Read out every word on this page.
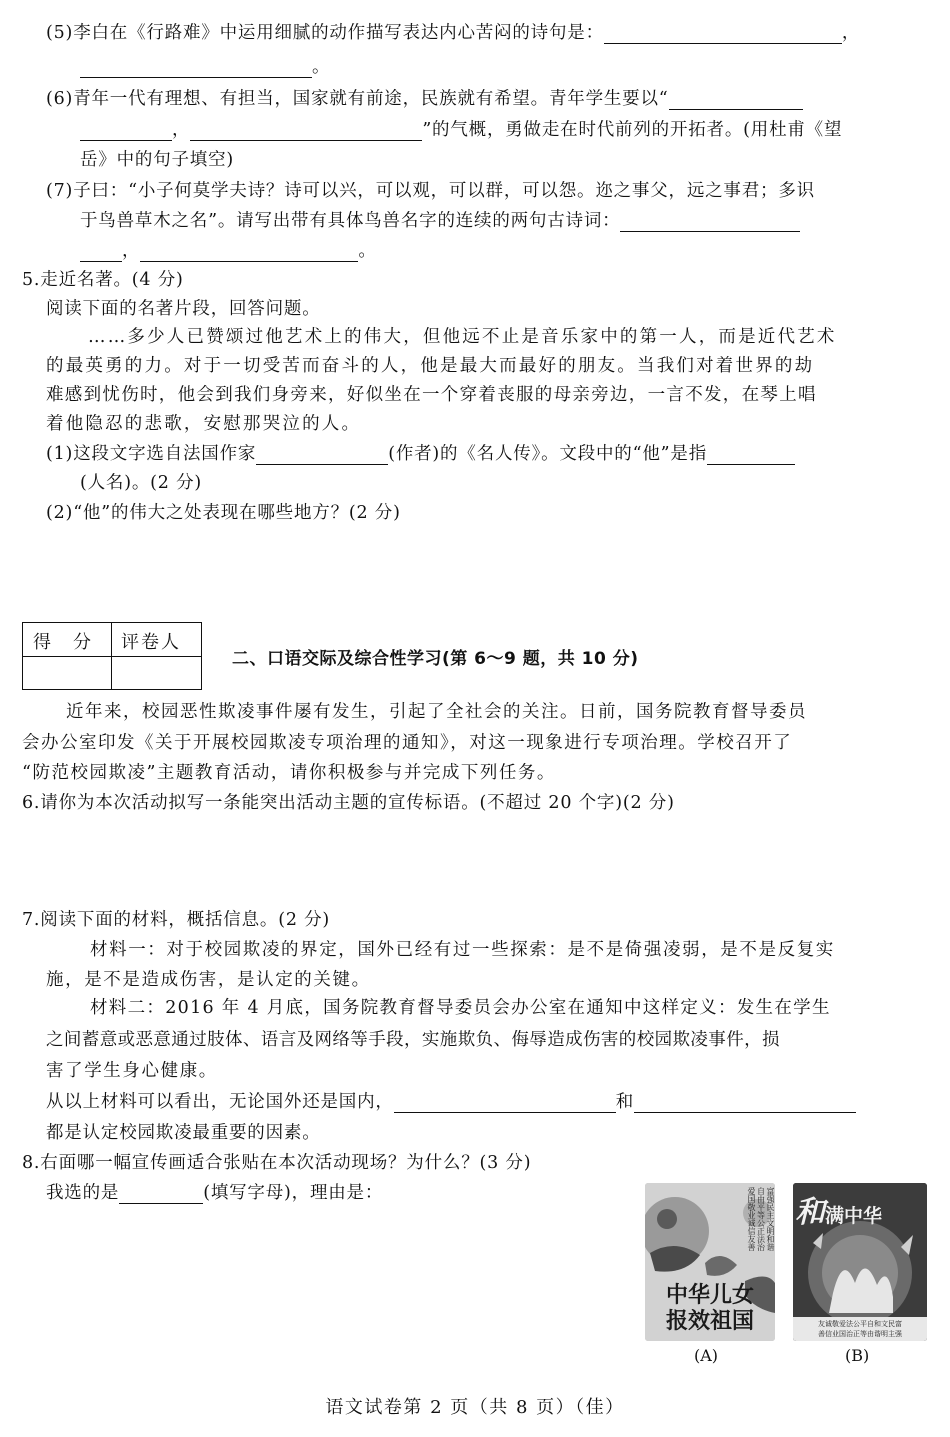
(5)李白在《行路难》中运用细腻的动作描写表达内心苦闷的诗句是：	，
。
(6)青年一代有理想、有担当，国家就有前途，民族就有希望。青年学生要以“
，	”的气概，勇做走在时代前列的开拓者。(用杜甫《望
岳》中的句子填空)
(7)子曰：“小子何莫学夫诗？诗可以兴，可以观，可以群，可以怨。迩之事父，远之事君；多识
于鸟兽草木之名”。请写出带有具体鸟兽名字的连续的两句古诗词：
，	。
5.走近名著。(4 分)
阅读下面的名著片段，回答问题。
……多少人已赞颂过他艺术上的伟大，但他远不止是音乐家中的第一人，而是近代艺术
的最英勇的力。对于一切受苦而奋斗的人，他是最大而最好的朋友。当我们对着世界的劫
难感到忧伤时，他会到我们身旁来，好似坐在一个穿着丧服的母亲旁边，一言不发，在琴上唱
着他隐忍的悲歌，安慰那哭泣的人。
(1)这段文字选自法国作家	(作者)的《名人传》。文段中的“他”是指
(人名)。(2 分)
(2)“他”的伟大之处表现在哪些地方？(2 分)
得　分 评卷人
二、口语交际及综合性学习(第 6～9 题，共 10 分)
近年来，校园恶性欺凌事件屡有发生，引起了全社会的关注。日前，国务院教育督导委员
会办公室印发《关于开展校园欺凌专项治理的通知》，对这一现象进行专项治理。学校召开了
“防范校园欺凌”主题教育活动，请你积极参与并完成下列任务。
6.请你为本次活动拟写一条能突出活动主题的宣传标语。(不超过 20 个字)(2 分)
7.阅读下面的材料，概括信息。(2 分)
材料一：对于校园欺凌的界定，国外已经有过一些探索：是不是倚强凌弱，是不是反复实
施，是不是造成伤害，是认定的关键。
材料二：2016 年 4 月底，国务院教育督导委员会办公室在通知中这样定义：发生在学生
之间蓄意或恶意通过肢体、语言及网络等手段，实施欺负、侮辱造成伤害的校园欺凌事件，损
害了学生身心健康。
从以上材料可以看出，无论国外还是国内，	和
都是认定校园欺凌最重要的因素。
8.右面哪一幅宣传画适合张贴在本次活动现场？为什么？(3 分)
我选的是	(填写字母)，理由是：	富强民主文明和谐自由平等公正法治爱国敬业诚信友善
中华儿女
报效祖国
(A)
和满中华
友诚敬爱法公平自和文民富
善信业国治正等由谐明主强
(B)
语文试卷第 2 页（共 8 页）（佳）
